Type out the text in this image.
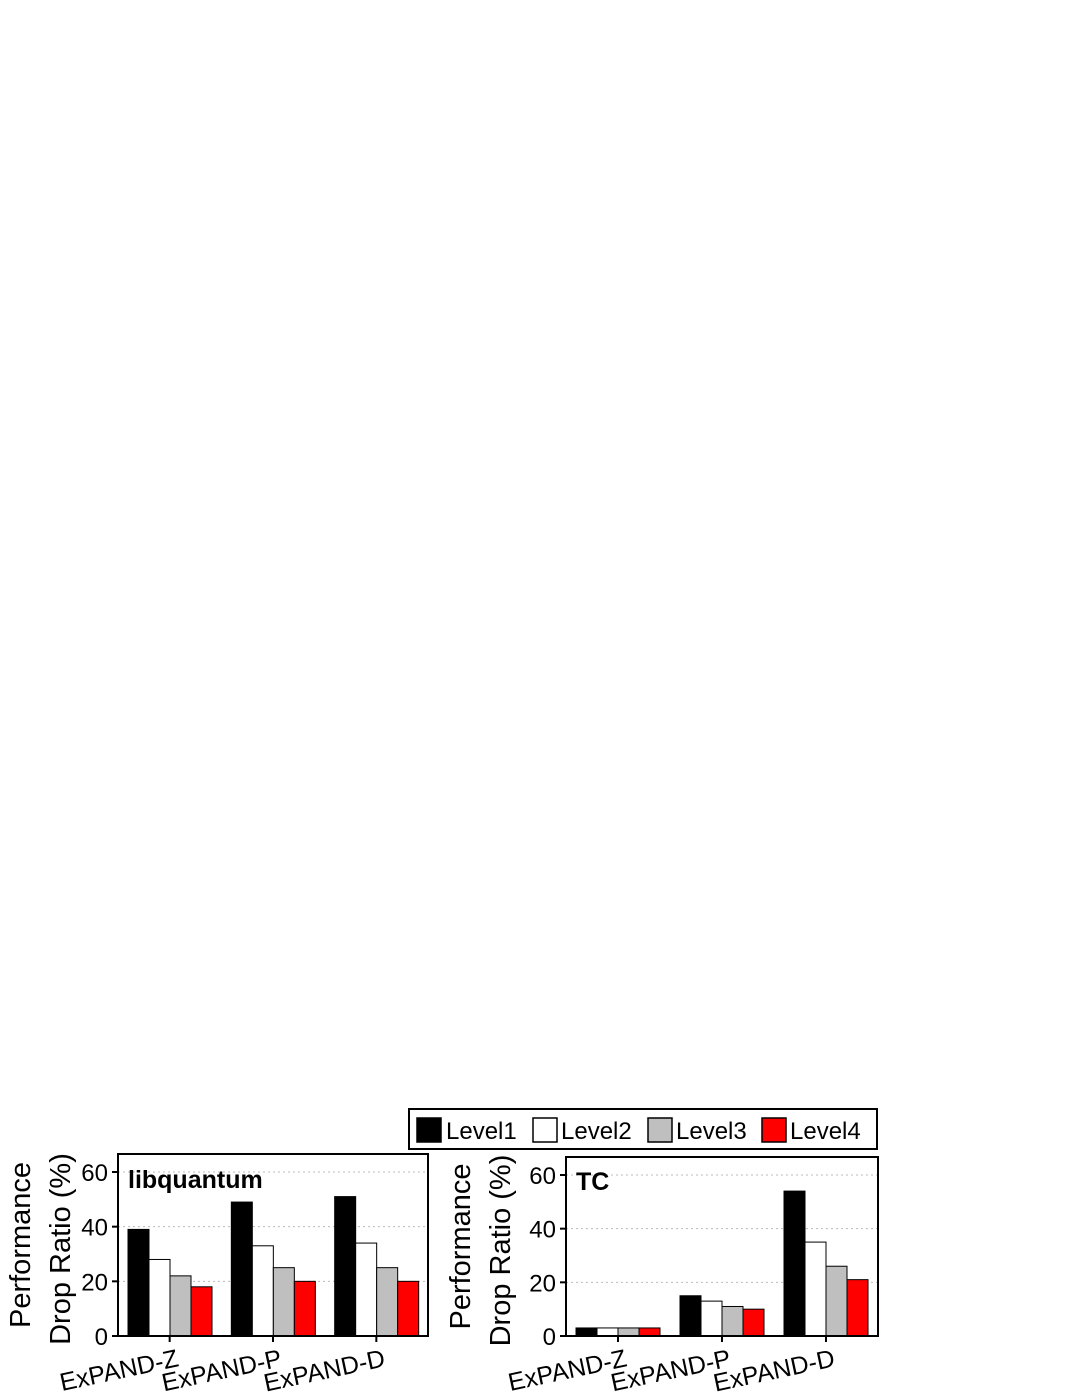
Level1 Level2 Level3 Level4
0
20
40
60
ExPAND-Z
ExPAND-P
ExPAND-D
libquantum
Performance Drop Ratio (%)	0
20
40
60
ExPAND-Z
ExPAND-P
ExPAND-D
TC
Performance Drop Ratio (%)
